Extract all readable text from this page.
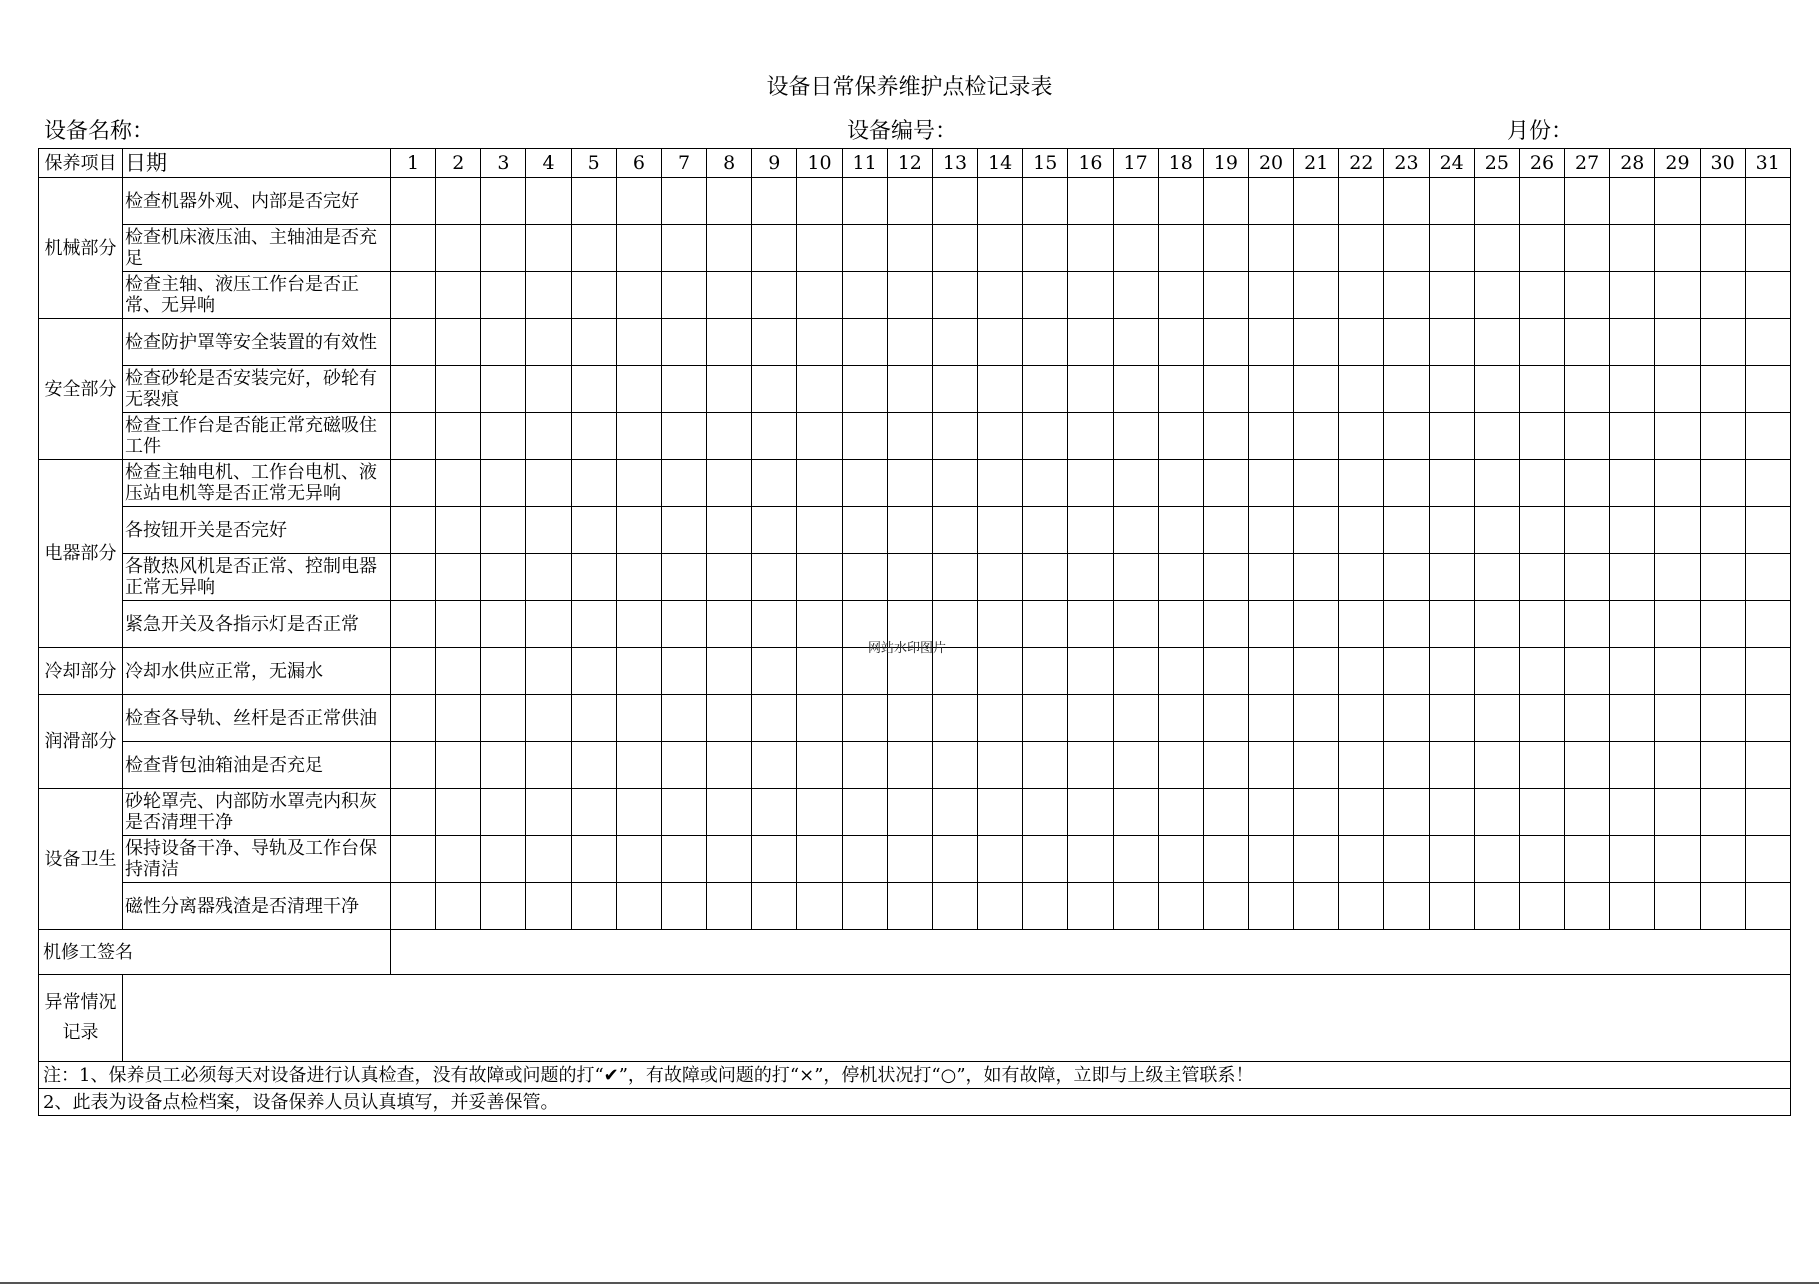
设备日常保养维护点检记录表
设备名称：	设备编号：	月份：
保养项目	日期	1	2	3	4	5	6	7	8	9	10	11	12	13	14	15	16	17	18	19	20	21	22	23	24	25	26	27	28	29	30	31
机械部分	检查机器外观、内部是否完好																															
	检查机床液压油、主轴油是否充足																															
	检查主轴、液压工作台是否正常、无异响																															
安全部分	检查防护罩等安全装置的有效性																															
	检查砂轮是否安装完好，砂轮有无裂痕																															
	检查工作台是否能正常充磁吸住工件																															
电器部分	检查主轴电机、工作台电机、液压站电机等是否正常无异响																															
	各按钮开关是否完好																															
	各散热风机是否正常、控制电器正常无异响																															
	紧急开关及各指示灯是否正常																															
冷却部分	冷却水供应正常，无漏水																															
润滑部分	检查各导轨、丝杆是否正常供油																															
	检查背包油箱油是否充足																															
设备卫生	砂轮罩壳、内部防水罩壳内积灰是否清理干净																															
	保持设备干净、导轨及工作台保持清洁																															
	磁性分离器残渣是否清理干净																															
机修工签名																																
异常情况记录																																
注：1、保养员工必须每天对设备进行认真检查，没有故障或问题的打“✔”，有故障或问题的打“×”，停机状况打“○”，如有故障，立即与上级主管联系！																																
2、此表为设备点检档案，设备保养人员认真填写，并妥善保管。																																
网站水印图片
